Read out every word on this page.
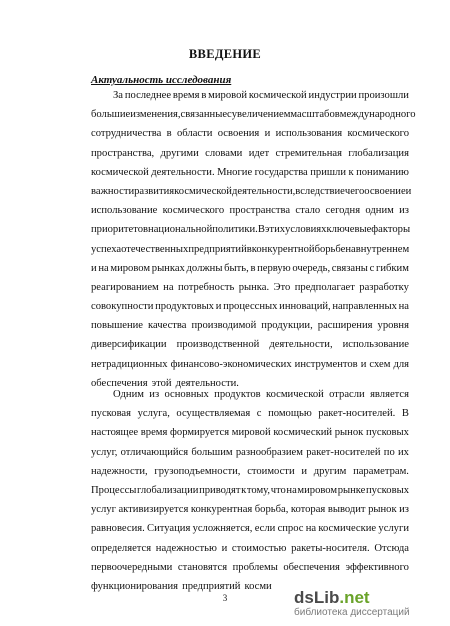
ВВЕДЕНИЕ
Актуальность исследования
За последнее время в мировой космической индустрии произошли
большие изменения, связанные с увеличением масштабов международного
сотрудничества в области освоения и использования космического
пространства, другими словами идет стремительная глобализация
космической деятельности. Многие государства пришли к пониманию
важности развития космической деятельности, вследствие чего освоение и
использование космического пространства стало сегодня одним из
приоритетов национальной политики. В этих условиях ключевые факторы
успеха отечественных предприятий в конкурентной борьбе на внутреннем
и на мировом рынках должны быть, в первую очередь, связаны с гибким
реагированием на потребность рынка. Это предполагает разработку
совокупности продуктовых и процессных инноваций, направленных на
повышение качества производимой продукции, расширения уровня
диверсификации производственной деятельности, использование
нетрадиционных финансово-экономических инструментов и схем для
обеспечения этой деятельности.
Одним из основных продуктов космической отрасли является
пусковая услуга, осуществляемая с помощью ракет-носителей. В
настоящее время формируется мировой космический рынок пусковых
услуг, отличающийся большим разнообразием ракет-носителей по их
надежности, грузоподъемности, стоимости и другим параметрам.
Процессы глобализации приводят к тому, что на мировом рынке пусковых
услуг активизируется конкурентная борьба, которая выводит рынок из
равновесия. Ситуация усложняется, если спрос на космические услуги
определяется надежностью и стоимостью ракеты-носителя. Отсюда
первоочередными становятся проблемы обеспечения эффективного
функционирования предприятий косми
3	dsLib.net
библиотека диссертаций
